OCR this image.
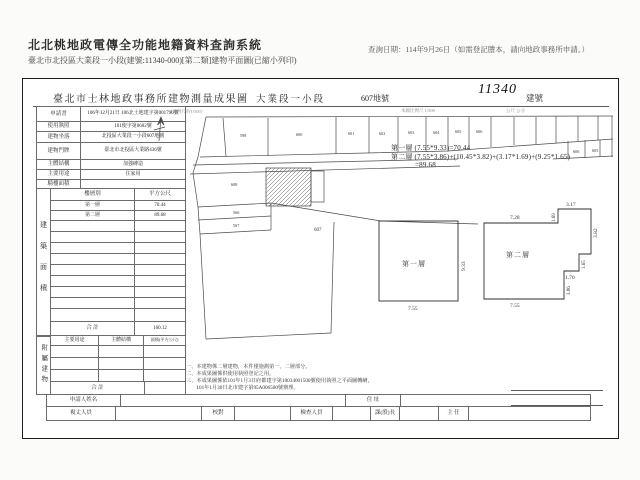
北北桃地政電傳全功能地籍資料查詢系統	查詢日期：114年9月26日（如需登記謄本，請向地政事務所申請。）
臺北市北投區大業段一小段(建號:11340-000)[第二類]建物平面圖(已縮小列印)
臺北市士林地政事務所建物測量成果圖 大業段一小段	607地號
11340
建號
本圖比例尺 1/500	公尺 公分
（比例尺約1/500）
申請書	106年12月21日 106北土地建字第001790號
使用執照	101使字第0602號
建物坐落	北投區大業段一小段607地號
建物門牌	臺北市北投區大業路436號
主體結構	加強磚造
主要用途	住家用
騎樓面積
建築面積
樓層別	平方公尺
第一層	70.44
第二層	89.68
合 計	160.12
附屬建物
主要用途	主體結構	面積(平方公尺)
合 計
申請人姓名	住 址
複丈人員	校對	檢查人員	課(股)長	主 任
一、本建物係二層建物，本件僅施測第一、二層部分。
二、本成果圖係供使用執照登記之用。
三、本成果圖係依101年1月3日府都建字第10034001500號使用執照之平面圖轉繪，
　　101年1月30日北市建字第95A006500號辦理。
第一層 (7.55*9.33)=70.44
第二層 (7.55*3.86)+(10.45*3.82)+(3.17*1.69)+(9.25*1.65)
=89.68
598	600	601	602	603	604	605	606
606	605
608
566
567
607
第一層	9.33
7.55
第二層
7.28	1.69
3.17
3.82
1.65
1.70
3.86
7.55
